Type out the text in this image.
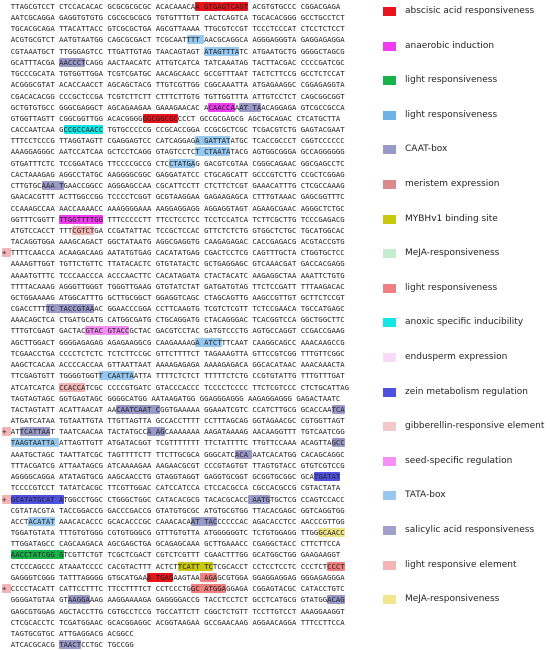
TTAGCGTCCT CTCCACACAC GCGCGCGCGC ACACAAACAA GTGAGTCAGT ACGTGTGCCC CGGACGAGA
AATCGCAGGA GAGGTGTGTG CGCGCGCGCG TGTGTTTGTT CACTCAGTCA TGCACACGGG GCCTGCCTCT
TGCACGCAGA TTACATTACC GTCGCGCTGA AGCGTTAAAA TTGCGTCCGT TCCCTCCCAT CTCCTCTCCT
ACGTGCGTCT AATGTAATGG CAGCGCGACT TCGCAATTTT AACGCAGGCA AGGGAGGGTA GAGGAGAGGA
CGTAAATGCT TTGGGAGTCC TTGATTGTAG TAACAGTAGT ATAGTTTATC ATGAATGCTG GGGGCTAGCG
GCATTTACGA AACCCTCAGG AACTAACATC ATTGTCATCA TATCAAATAG TACTTACGAC CCCCGATCGC
TGCCCGCATA TGTGGTTGGA TCGTCGATGC AACAGCAACC GCCGTTTAAT TACTCTTCCG GCCTCTCCAT
ACGGGCGTAT ACACCAACCT AGCAGCTACG TTGTCGTTGG CGGCAAATTA ATGAGAAGGC CGGAGAGGTA
CGACACACGG CCCGCTCCGA TCGTCTTCTT CTTTCTTGTG TGTTGGTTTA ATTGTCCTCT CAGCGGCGGT
GCTGTGTGCC GGGCGAGGCT AGCAGAAGAA GAAAGAACAC ACAACCAAAT TAACAGGAGA GTCGCCGCCA
GTGGTTAGTT CGGCGGTTGG ACACGGGGGGCGGCGCCCCT GCCGCGAGCG AGCTGCAGAC CTCATGCTTA
CACCAATCAA GCCGCCAACC TGTGCCCCCG CCGCACCGGA CCGCGCTCGC TCGACGTCTG GAGTACGAAT
TTTCCTCCCG TTAGGTAGTT CGAGGAGTCC CATCAGGAGA GATTATATGC TCACCGCCCT CGGTCCCCCC
AAAGGAGGGC AATCCATCAA GCTCCTCAGG GTAGTCCTCT CTAATATACG AGTGGCGGGA GCCAGGGGGG
GTGATTTCTC TCCGGATACG TTCCCCGCCG CTCCTATGAG GACGTCGTAA CGGGCAGAAC GGCGAGCCTC
CACTAAAGAG AGGCCTATGC AAGGGGCGGC GAGGATATCC CTGCAGCATT GCCCGTCTTG CCGCTCGGAG
CTTGTGCAAA TGAACCGGCC AGGGAGCCAA CGCATTCCTT CTCTTCTCGT GAAACATTTG CTCGCCAAAG
GAACACGTTT ACTTGGCCGG TCCCCTCGGT GCGTAAGGAA GAGAAGAGCA CTTTGTAAAC GAGCGGTTTC
CCAAAGCCAA AACCAAAACC AAAGGGGAAA AAGGAGGAGG AGGAGGTAGT AGAAGCGAAC AGGGCTCTGC
GGTTTCGGTT TTGGTTTTGG TTTCCCCCTT TTCCTCCTCC TCCTCCATCA TCTTCGCTTG TCCCGAGACG
ATGTCCACCT TTTCGTCTGA CCGATATTAC TCCGCTCCAC GTTCTCTCTG GTGGCTCTGC TGCATGGCAC
TACAGGTGGA AAAGCAGACT GGCTATAATG AGGCGAGGTG CAAGAGAGAC CACCGAGACG ACGTACCGTG
+ TTTTCAACCA ACAAGACAAG AATATGTGAG CACATATGAG CGACTCCTCG CAGTTTGCTA CTGGTGCTCC
AAAAGTTGGT TGTTCTGTTC TTATACACTC GTGTATACTC GCTGAGGAGC GTCAAACGAT GACCACGAGG
AAAATGTTTC TCCCAACCCA ACCCAACTTC CACATAGATA CTACTACATC AAGAGGCTAA AAATTCTGTG
TTTTACAAAG AGGGTTGGGT TGGGTTGAAG GTGTATCTAT GATGATGTAG TTCTCCGATT TTTAAGACAC
GCTGGAAAAG ATGGCATTTG GCTTGCGGCT GGAGGTCAGC CTAGCAGTTG AAGCCGTTGT GCTTCTCCGT
CGACCTTTTC TACCGTAAAC GGAACCCGGA CCTTCAAGTG TCGTCTCGTT TCTCCGAACA TGCCATGAGC
AAACAGCTCA CTGATGCATG CATGGCGATG CTGCAGGATG CTACAGGGAC TCACGGTCCA GGCTGGCTTC
TTTGTCGAGT GACTACGTAC GTACCGCTAC GACGTCCTAC GATGTCCCTG AGTGCCAGGT CCGACCGAAG
AGCTTGGACT GGGGAGAGAG AGAGAAGGCG CAAGAAAAGA ATCTTTCAAT CAAGGCAGCC AAACAAGCCG
TCGAACCTGA CCCCTCTCTC TCTCTTCCGC GTTCTTTTCT TAGAAAGTTA GTTCCGTCGG TTTGTTCGGC
AAGCTCACAA ACCCCACCAA GTTAATTAAT AAAAGAGAGA AAAAGAGACA GGCACATAAC AAACAAACTA
TTCGAGTGTT TGGGGTGGTT CAATTAATTA TTTTCTCTCT TTTTTCTCTG CCGTGTATTG TTTGTTTGAT
ATCATCATCA CCACCATCGC CCCCGTGATC GTACCCACCC TCCCCTCCCC TTCTCGTCCC CTCTGCATTAG
TAGTAGTAGC GGTGAGTAGC GGGGCATGG AATAAGATGG GGAGGGAGGG AAGAGGAGGG GAGACTAATC
TACTAGTATT ACATTAACAT AACAATCAAT CGGTGAAAAA GGAAATCGTC CCATCTTGCG GCACCAATCA
ATGATCATAA TGTAATTGTA TTGTTAGTTA GCCACCTTTT CCTTTAGCAG GGTAGAACGC CGTGGTTAGT
+ ATTCATTAAT TAATCAACAA TACTATGCCA AGCAAAAAAA AAGATAAAAG AACAAGGTTT TGTCAATCGG
TAAGTAATTA ATTAGTTGTT ATGATACGGT TCGTTTTTTT TTCTATTTTC TTGTTCCAAA ACAGTTAGCC
AAATGCTAGC TAATTATCGC TAGTTTTCTT TTCTTGCGCA GGGCATCACA AATCACATGG CACAGCAGGC
TTTACGATCG ATTAATAGCG ATCAAAAGAA AAGAACGCGT CCCGTAGTGT TTAGTGTACC GTGTCGTCCG
AGGGGCAGGA ATATAGTGCG AAGCAACCTG GTAGGTAGGT GAGGTGCGGT GCGGTGCGGC GCATGATAT
TCCCCGTCCT TATATCACGC TTCGTTGGAC CATCCATCCA CTCCACGCCA CGCCACGCCG CGTACTATA
+ GCATATGCAT ATGGCCTGGC CTGGGCTGGC CATACACGCG TACACGCACC AATGTGCTCG CCAGTCCACC
CGTATACGTA TACCGGACCG GACCCGACCG GTATGTGCGC ATGTGCGTGG TTACACGAGC GGTCAGGTGG
ACCTACATAT AAACACACCC GCACACCCGC CAAACACAAT TACCCCCCAC AGACACCTCC AACCCGTTGG
TGGATGTATA TTTGTGTGGG CGTGTGGGCG GTTTGTGTTA ATGGGGGGTC TCTGTGGAGG TTGGGCAACC
TTGGATAGCC CAGCAAGACA AGCGAGCTGA GCAGAGCAAA GCTTGAAACC CGAGGCTACC CTTCTTCCA
AACCTATCGG GTCGTTCTGT TCGCTCGACT CGTCTCGTTT CGAACTTTGG GCATGGCTGG GAAGAAGGT
CTCCCAGCCC ATAAATCCCC CACGTACTTT ACTCTTCATT TCTCGCACCT CCTCCTCCTC CCCTCTCCCT
GAGGGTCGGG TATTTAGGGG GTGCATGAAA TGAGAAGTAA AGAGCGTGGA GGAGGAGGAG GGGAGAGGGA
+ CCCCTACATT CATTCCTTTC TTCCTTTTCT CCTCCCTGGC ATGGAGGAGA CGGAGTACGC CATACCTGTC
GGGGATGTAA GTAAGGAAAG AAGGAAAAGA GAGGGGACCG TACCTCCTCT GCCTCATGCG GTATGGACAG
GAGCGTGGAG AGCTACCTTG CGTGCCTCCG TGCCATTCTT CGGCTCTGTT TCCTTGTCCT AAAGGAAGGT
CTCGCACCTC TCGATGGAAC GCACGGAGGC ACGGTAAGAA GCCGAACAAG AGGAACAGGA TTTCCTTCCA
TAGTGCGTGC ATTGAGGACG ACGGCC
ATCACGCACG TAACTCCTGC TGCCGG
abscisic acid responsiveness
anaerobic induction
light responsiveness
light responsiveness
CAAT-box
meristem expression
MYBHv1 binding site
MeJA-responsiveness
light responsiveness
anoxic specific inducibility
endusperm expression
zein metabolism regulation
gibberellin-responsive element
seed-specific regulation
TATA-box
salicylic acid responsiveness
light responsive element
MeJA-responsiveness
